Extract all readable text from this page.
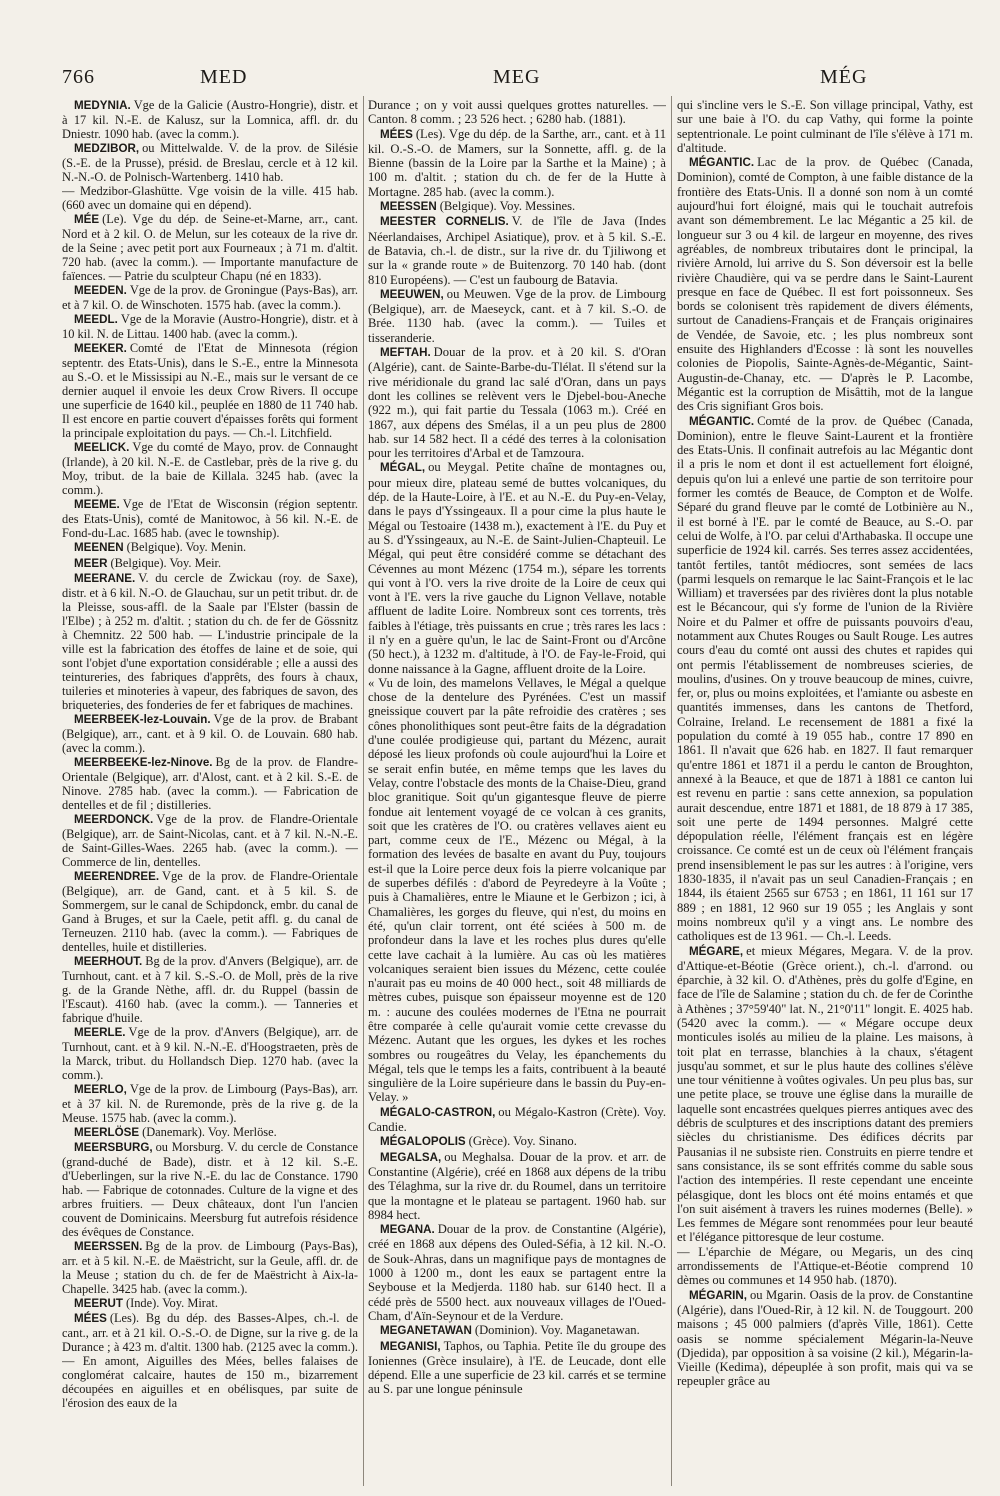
766	MED	MEG	MÉG

MEDYNIA. Vge de la Galicie (Austro-Hongrie), distr. et à 17 kil. N.-E. de Kalusz, sur la Lomnica, affl. dr. du Dniestr. 1090 hab. (avec la comm.).

MEDZIBOR, ou Mittelwalde. V. de la prov. de Silésie (S.-E. de la Prusse), présid. de Breslau, cercle et à 12 kil. N.-N.-O. de Polnisch-Wartenberg. 1410 hab.

— Medzibor-Glashütte. Vge voisin de la ville. 415 hab. (660 avec un domaine qui en dépend).

MÉE (Le). Vge du dép. de Seine-et-Marne, arr., cant. Nord et à 2 kil. O. de Melun, sur les coteaux de la rive dr. de la Seine ; avec petit port aux Fourneaux ; à 71 m. d'altit. 720 hab. (avec la comm.). — Importante manufacture de faïences. — Patrie du sculpteur Chapu (né en 1833).

MEEDEN. Vge de la prov. de Groningue (Pays-Bas), arr. et à 7 kil. O. de Winschoten. 1575 hab. (avec la comm.).

MEEDL. Vge de la Moravie (Austro-Hongrie), distr. et à 10 kil. N. de Littau. 1400 hab. (avec la comm.).

MEEKER. Comté de l'Etat de Minnesota (région septentr. des Etats-Unis), dans le S.-E., entre la Minnesota au S.-O. et le Mississipi au N.-E., mais sur le versant de ce dernier auquel il envoie les deux Crow Rivers. Il occupe une superficie de 1640 kil., peuplée en 1880 de 11 740 hab. Il est encore en partie couvert d'épaisses forêts qui forment la principale exploitation du pays. — Ch.-l. Litchfield.

MEELICK. Vge du comté de Mayo, prov. de Connaught (Irlande), à 20 kil. N.-E. de Castlebar, près de la rive g. du Moy, tribut. de la baie de Killala. 3245 hab. (avec la comm.).

MEEME. Vge de l'Etat de Wisconsin (région septentr. des Etats-Unis), comté de Manitowoc, à 56 kil. N.-E. de Fond-du-Lac. 1685 hab. (avec le township).

MEENEN (Belgique). Voy. Menin.

MEER (Belgique). Voy. Meir.

MEERANE. V. du cercle de Zwickau (roy. de Saxe), distr. et à 6 kil. N.-O. de Glauchau, sur un petit tribut. dr. de la Pleisse, sous-affl. de la Saale par l'Elster (bassin de l'Elbe) ; à 252 m. d'altit. ; station du ch. de fer de Gössnitz à Chemnitz. 22 500 hab. — L'industrie principale de la ville est la fabrication des étoffes de laine et de soie, qui sont l'objet d'une exportation considérable ; elle a aussi des teintureries, des fabriques d'apprêts, des fours à chaux, tuileries et minoteries à vapeur, des fabriques de savon, des briqueteries, des fonderies de fer et fabriques de machines.

MEERBEEK-lez-Louvain. Vge de la prov. de Brabant (Belgique), arr., cant. et à 9 kil. O. de Louvain. 680 hab. (avec la comm.).

MEERBEEKE-lez-Ninove. Bg de la prov. de Flandre-Orientale (Belgique), arr. d'Alost, cant. et à 2 kil. S.-E. de Ninove. 2785 hab. (avec la comm.). — Fabrication de dentelles et de fil ; distilleries.

MEERDONCK. Vge de la prov. de Flandre-Orientale (Belgique), arr. de Saint-Nicolas, cant. et à 7 kil. N.-N.-E. de Saint-Gilles-Waes. 2265 hab. (avec la comm.). — Commerce de lin, dentelles.

MEERENDREE. Vge de la prov. de Flandre-Orientale (Belgique), arr. de Gand, cant. et à 5 kil. S. de Sommergem, sur le canal de Schipdonck, embr. du canal de Gand à Bruges, et sur la Caele, petit affl. g. du canal de Terneuzen. 2110 hab. (avec la comm.). — Fabriques de dentelles, huile et distilleries.

MEERHOUT. Bg de la prov. d'Anvers (Belgique), arr. de Turnhout, cant. et à 7 kil. S.-S.-O. de Moll, près de la rive g. de la Grande Nèthe, affl. dr. du Ruppel (bassin de l'Escaut). 4160 hab. (avec la comm.). — Tanneries et fabrique d'huile.

MEERLE. Vge de la prov. d'Anvers (Belgique), arr. de Turnhout, cant. et à 9 kil. N.-N.-E. d'Hoogstraeten, près de la Marck, tribut. du Hollandsch Diep. 1270 hab. (avec la comm.).

MEERLO, Vge de la prov. de Limbourg (Pays-Bas), arr. et à 37 kil. N. de Ruremonde, près de la rive g. de la Meuse. 1575 hab. (avec la comm.).

MEERLÖSE (Danemark). Voy. Merlöse.

MEERSBURG, ou Morsburg. V. du cercle de Constance (grand-duché de Bade), distr. et à 12 kil. S.-E. d'Ueberlingen, sur la rive N.-E. du lac de Constance. 1790 hab. — Fabrique de cotonnades. Culture de la vigne et des arbres fruitiers. — Deux châteaux, dont l'un l'ancien couvent de Dominicains. Meersburg fut autrefois résidence des évêques de Constance.

MEERSSEN. Bg de la prov. de Limbourg (Pays-Bas), arr. et à 5 kil. N.-E. de Maëstricht, sur la Geule, affl. dr. de la Meuse ; station du ch. de fer de Maëstricht à Aix-la-Chapelle. 3425 hab. (avec la comm.).

MEERUT (Inde). Voy. Mirat.

MÉES (Les). Bg du dép. des Basses-Alpes, ch.-l. de cant., arr. et à 21 kil. O.-S.-O. de Digne, sur la rive g. de la Durance ; à 423 m. d'altit. 1300 hab. (2125 avec la comm.). — En amont, Aiguilles des Mées, belles falaises de conglomérat calcaire, hautes de 150 m., bizarrement découpées en aiguilles et en obélisques, par suite de l'érosion des eaux de la

Durance ; on y voit aussi quelques grottes naturelles. — Canton. 8 comm. ; 23 526 hect. ; 6280 hab. (1881).

MÉES (Les). Vge du dép. de la Sarthe, arr., cant. et à 11 kil. O.-S.-O. de Mamers, sur la Sonnette, affl. g. de la Bienne (bassin de la Loire par la Sarthe et la Maine) ; à 100 m. d'altit. ; station du ch. de fer de la Hutte à Mortagne. 285 hab. (avec la comm.).

MEESSEN (Belgique). Voy. Messines.

MEESTER CORNELIS. V. de l'île de Java (Indes Néerlandaises, Archipel Asiatique), prov. et à 5 kil. S.-E. de Batavia, ch.-l. de distr., sur la rive dr. du Tjiliwong et sur la « grande route » de Buitenzorg. 70 140 hab. (dont 810 Européens). — C'est un faubourg de Batavia.

MEEUWEN, ou Meuwen. Vge de la prov. de Limbourg (Belgique), arr. de Maeseyck, cant. et à 7 kil. S.-O. de Brée. 1130 hab. (avec la comm.). — Tuiles et tisseranderie.

MEFTAH. Douar de la prov. et à 20 kil. S. d'Oran (Algérie), cant. de Sainte-Barbe-du-Tlélat. Il s'étend sur la rive méridionale du grand lac salé d'Oran, dans un pays dont les collines se relèvent vers le Djebel-bou-Aneche (922 m.), qui fait partie du Tessala (1063 m.). Créé en 1867, aux dépens des Smélas, il a un peu plus de 2800 hab. sur 14 582 hect. Il a cédé des terres à la colonisation pour les territoires d'Arbal et de Tamzoura.

MÉGAL, ou Meygal. Petite chaîne de montagnes ou, pour mieux dire, plateau semé de buttes volcaniques, du dép. de la Haute-Loire, à l'E. et au N.-E. du Puy-en-Velay, dans le pays d'Yssingeaux. Il a pour cime la plus haute le Mégal ou Testoaire (1438 m.), exactement à l'E. du Puy et au S. d'Yssingeaux, au N.-E. de Saint-Julien-Chapteuil. Le Mégal, qui peut être considéré comme se détachant des Cévennes au mont Mézenc (1754 m.), sépare les torrents qui vont à l'O. vers la rive droite de la Loire de ceux qui vont à l'E. vers la rive gauche du Lignon Vellave, notable affluent de ladite Loire. Nombreux sont ces torrents, très faibles à l'étiage, très puissants en crue ; très rares les lacs : il n'y en a guère qu'un, le lac de Saint-Front ou d'Arcône (50 hect.), à 1232 m. d'altitude, à l'O. de Fay-le-Froid, qui donne naissance à la Gagne, affluent droite de la Loire.

« Vu de loin, des mamelons Vellaves, le Mégal a quelque chose de la dentelure des Pyrénées. C'est un massif gneissique couvert par la pâte refroidie des cratères ; ses cônes phonolithiques sont peut-être faits de la dégradation d'une coulée prodigieuse qui, partant du Mézenc, aurait déposé les lieux profonds où coule aujourd'hui la Loire et se serait enfin butée, en même temps que les laves du Velay, contre l'obstacle des monts de la Chaise-Dieu, grand bloc granitique. Soit qu'un gigantesque fleuve de pierre fondue ait lentement voyagé de ce volcan à ces granits, soit que les cratères de l'O. ou cratères vellaves aient eu part, comme ceux de l'E., Mézenc ou Mégal, à la formation des levées de basalte en avant du Puy, toujours est-il que la Loire perce deux fois la pierre volcanique par de superbes défilés : d'abord de Peyredeyre à la Voûte ; puis à Chamalières, entre le Miaune et le Gerbizon ; ici, à Chamalières, les gorges du fleuve, qui n'est, du moins en été, qu'un clair torrent, ont été sciées à 500 m. de profondeur dans la lave et les roches plus dures qu'elle cette lave cachait à la lumière. Au cas où les matières volcaniques seraient bien issues du Mézenc, cette coulée n'aurait pas eu moins de 40 000 hect., soit 48 milliards de mètres cubes, puisque son épaisseur moyenne est de 120 m. : aucune des coulées modernes de l'Etna ne pourrait être comparée à celle qu'aurait vomie cette crevasse du Mézenc. Autant que les orgues, les dykes et les roches sombres ou rougeâtres du Velay, les épanchements du Mégal, tels que le temps les a faits, contribuent à la beauté singulière de la Loire supérieure dans le bassin du Puy-en-Velay. »

MÉGALO-CASTRON, ou Mégalo-Kastron (Crète). Voy. Candie.

MÉGALOPOLIS (Grèce). Voy. Sinano.

MEGALSA, ou Meghalsa. Douar de la prov. et arr. de Constantine (Algérie), créé en 1868 aux dépens de la tribu des Télaghma, sur la rive dr. du Roumel, dans un territoire que la montagne et le plateau se partagent. 1960 hab. sur 8984 hect.

MEGANA. Douar de la prov. de Constantine (Algérie), créé en 1868 aux dépens des Ouled-Séfia, à 12 kil. N.-O. de Souk-Ahras, dans un magnifique pays de montagnes de 1000 à 1200 m., dont les eaux se partagent entre la Seybouse et la Medjerda. 1180 hab. sur 6140 hect. Il a cédé près de 5500 hect. aux nouveaux villages de l'Oued-Cham, d'Aïn-Seynour et de la Verdure.

MEGANETAWAN (Dominion). Voy. Maganetawan.

MEGANISI, Taphos, ou Taphia. Petite île du groupe des Ioniennes (Grèce insulaire), à l'E. de Leucade, dont elle dépend. Elle a une superficie de 23 kil. carrés et se termine au S. par une longue péninsule

qui s'incline vers le S.-E. Son village principal, Vathy, est sur une baie à l'O. du cap Vathy, qui forme la pointe septentrionale. Le point culminant de l'île s'élève à 171 m. d'altitude.

MÉGANTIC. Lac de la prov. de Québec (Canada, Dominion), comté de Compton, à une faible distance de la frontière des Etats-Unis. Il a donné son nom à un comté aujourd'hui fort éloigné, mais qui le touchait autrefois avant son démembrement. Le lac Mégantic a 25 kil. de longueur sur 3 ou 4 kil. de largeur en moyenne, des rives agréables, de nombreux tributaires dont le principal, la rivière Arnold, lui arrive du S. Son déversoir est la belle rivière Chaudière, qui va se perdre dans le Saint-Laurent presque en face de Québec. Il est fort poissonneux. Ses bords se colonisent très rapidement de divers éléments, surtout de Canadiens-Français et de Français originaires de Vendée, de Savoie, etc. ; les plus nombreux sont ensuite des Highlanders d'Ecosse : là sont les nouvelles colonies de Piopolis, Sainte-Agnès-de-Mégantic, Saint-Augustin-de-Chanay, etc. — D'après le P. Lacombe, Mégantic est la corruption de Misâttih, mot de la langue des Cris signifiant Gros bois.

MÉGANTIC. Comté de la prov. de Québec (Canada, Dominion), entre le fleuve Saint-Laurent et la frontière des Etats-Unis. Il confinait autrefois au lac Mégantic dont il a pris le nom et dont il est actuellement fort éloigné, depuis qu'on lui a enlevé une partie de son territoire pour former les comtés de Beauce, de Compton et de Wolfe. Séparé du grand fleuve par le comté de Lotbinière au N., il est borné à l'E. par le comté de Beauce, au S.-O. par celui de Wolfe, à l'O. par celui d'Arthabaska. Il occupe une superficie de 1924 kil. carrés. Ses terres assez accidentées, tantôt fertiles, tantôt médiocres, sont semées de lacs (parmi lesquels on remarque le lac Saint-François et le lac William) et traversées par des rivières dont la plus notable est le Bécancour, qui s'y forme de l'union de la Rivière Noire et du Palmer et offre de puissants pouvoirs d'eau, notamment aux Chutes Rouges ou Sault Rouge. Les autres cours d'eau du comté ont aussi des chutes et rapides qui ont permis l'établissement de nombreuses scieries, de moulins, d'usines. On y trouve beaucoup de mines, cuivre, fer, or, plus ou moins exploitées, et l'amiante ou asbeste en quantités immenses, dans les cantons de Thetford, Colraine, Ireland. Le recensement de 1881 a fixé la population du comté à 19 055 hab., contre 17 890 en 1861. Il n'avait que 626 hab. en 1827. Il faut remarquer qu'entre 1861 et 1871 il a perdu le canton de Broughton, annexé à la Beauce, et que de 1871 à 1881 ce canton lui est revenu en partie : sans cette annexion, sa population aurait descendue, entre 1871 et 1881, de 18 879 à 17 385, soit une perte de 1494 personnes. Malgré cette dépopulation réelle, l'élément français est en légère croissance. Ce comté est un de ceux où l'élément français prend insensiblement le pas sur les autres : à l'origine, vers 1830-1835, il n'avait pas un seul Canadien-Français ; en 1844, ils étaient 2565 sur 6753 ; en 1861, 11 161 sur 17 889 ; en 1881, 12 960 sur 19 055 ; les Anglais y sont moins nombreux qu'il y a vingt ans. Le nombre des catholiques est de 13 961. — Ch.-l. Leeds.

MÉGARE, et mieux Mégares, Megara. V. de la prov. d'Attique-et-Béotie (Grèce orient.), ch.-l. d'arrond. ou éparchie, à 32 kil. O. d'Athènes, près du golfe d'Egine, en face de l'île de Salamine ; station du ch. de fer de Corinthe à Athènes ; 37°59'40" lat. N., 21°0'11" longit. E. 4025 hab. (5420 avec la comm.). — « Mégare occupe deux monticules isolés au milieu de la plaine. Les maisons, à toit plat en terrasse, blanchies à la chaux, s'étagent jusqu'au sommet, et sur le plus haute des collines s'élève une tour vénitienne à voûtes ogivales. Un peu plus bas, sur une petite place, se trouve une église dans la muraille de laquelle sont encastrées quelques pierres antiques avec des débris de sculptures et des inscriptions datant des premiers siècles du christianisme. Des édifices décrits par Pausanias il ne subsiste rien. Construits en pierre tendre et sans consistance, ils se sont effrités comme du sable sous l'action des intempéries. Il reste cependant une enceinte pélasgique, dont les blocs ont été moins entamés et que l'on suit aisément à travers les ruines modernes (Belle). » Les femmes de Mégare sont renommées pour leur beauté et l'élégance pittoresque de leur costume.

— L'éparchie de Mégare, ou Megaris, un des cinq arrondissements de l'Attique-et-Béotie comprend 10 dèmes ou communes et 14 950 hab. (1870).

MÉGARIN, ou Mgarin. Oasis de la prov. de Constantine (Algérie), dans l'Oued-Rir, à 12 kil. N. de Touggourt. 200 maisons ; 45 000 palmiers (d'après Ville, 1861). Cette oasis se nomme spécialement Mégarin-la-Neuve (Djedida), par opposition à sa voisine (2 kil.), Mégarin-la-Vieille (Kedima), dépeuplée à son profit, mais qui va se repeupler grâce au
